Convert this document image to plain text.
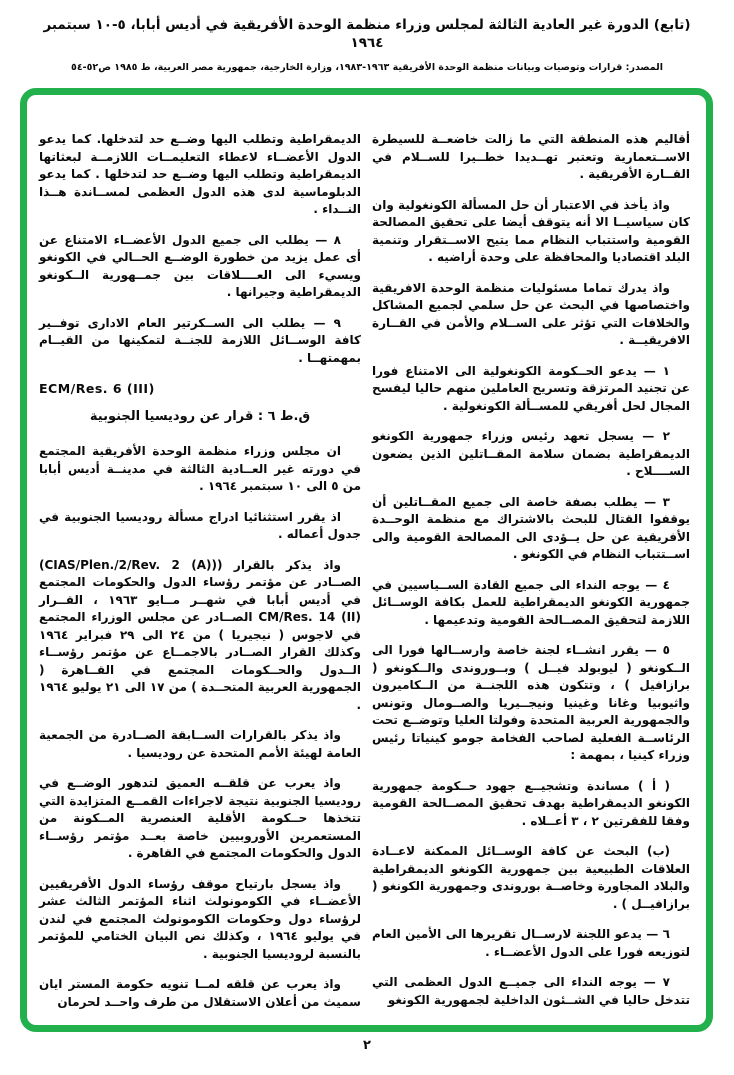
(تابع) الدورة غير العادية الثالثة لمجلس وزراء منظمة الوحدة الأفريقية في أديس أبابا، ٥-١٠ سبتمبر ١٩٦٤
المصدر: قرارات وتوصيات وبيانات منظمة الوحدة الأفريقية ١٩٦٣-١٩٨٣، وزارة الخارجية، جمهورية مصر العربية، ط ١٩٨٥ ص٥٢-٥٤

أقاليم هذه المنطقة التي ما زالت خاضعــة للسيطرة الاســتعمارية وتعتبر تهــديدا خطــيرا للســلام في القــارة الأفريقية .

واذ يأخذ في الاعتبار أن حل المسألة الكونغولية وان كان سياسيــا الا أنه يتوقف أيضا على تحقيق المصالحة القومية واستتباب النظام مما يتيح الاســتقرار وتنمية البلد اقتصاديا والمحافظة على وحدة أراضيه .

واذ يدرك تماما مسئوليات منظمة الوحدة الافريقية واختصاصها في البحث عن حل سلمي لجميع المشاكل والخلافات التي تؤثر على الســلام والأمن في القــارة الافريقيــة .

١ — يدعو الحــكومة الكونغولية الى الامتناع فورا عن تجنيد المرتزقة وتسريح العاملين منهم حاليا ليفسح المجال لحل أفريقي للمســألة الكونغولية .

٢ — يسجل تعهد رئيس وزراء جمهورية الكونغو الديمقراطية بضمان سلامة المقــاتلين الذين يضعون الســــلاح .

٣ — يطلب بصفة خاصة الى جميع المقــاتلين أن يوقفوا القتال للبحث بالاشتراك مع منظمة الوحــدة الأفريقية عن حل يــؤدى الى المصالحة القومية والى اســتتباب النظام في الكونغو .

٤ — يوجه النداء الى جميع القادة الســياسيين في جمهورية الكونغو الديمقراطية للعمل بكافة الوســائل اللازمة لتحقيق المصــالحة القومية وتدعيمها .

٥ — يقرر انشــاء لجنة خاصة وارســالها فورا الى الــكونغو ( ليوبولد فيــل ) وبــوروندى والــكونغو ( برازافيل ) ، وتتكون هذه اللجنــة من الــكاميرون واثيوبيا وغانا وغينيا ونيجــيريا والصــومال وتونس والجمهورية العربية المتحدة وفولتا العليا وتوضــع تحت الرئاســة الفعلية لصاحب الفخامة جومو كينياتا رئيس وزراء كينيا ، بمهمة :

( أ ) مساندة وتشجيــع جهود حــكومة جمهورية الكونغو الديمقراطية بهدف تحقيق المصــالحة القومية وفقا للفقرتين ٢ ، ٣ أعــلاه .

(ب) البحث عن كافة الوســائل الممكنة لاعــادة العلاقات الطبيعية بين جمهورية الكونغو الديمقراطية والبلاد المجاورة وخاصــة بوروندى وجمهورية الكونغو ( برازافيــل ) .

٦ — يدعو اللجنة لارســال تقريرها الى الأمين العام لتوزيعه فورا على الدول الأعضــاء .

٧ — يوجه النداء الى جميــع الدول العظمى التي تتدخل حاليا في الشــئون الداخلية لجمهورية الكونغو

الديمقراطية وتطلب اليها وضــع حد لتدخلها. كما يدعو الدول الأعضــاء لاعطاء التعليمــات اللازمــة لبعثاتها الديمقراطية وتطلب اليها وضــع حد لتدخلها . كما يدعو الدبلوماسية لدى هذه الدول العظمى لمســاندة هــذا النــداء .

٨ — يطلب الى جميع الدول الأعضــاء الامتناع عن أى عمل يزيد من خطورة الوضــع الحــالي في الكونغو ويسيء الى العــــلاقات بين جمــهورية الــكونغو الديمقراطية وجيرانها .

٩ — يطلب الى الســكرتير العام الادارى توفــير كافة الوســائل اللازمة للجنــة لتمكينها من القيــام بمهمتهــا .

ECM/Res. 6 (III)

ق.ط ٦ : قرار عن روديسيا الجنوبية

ان مجلس وزراء منظمة الوحدة الأفريقية المجتمع في دورته غير العــادية الثالثة في مدينــة أديس أبابا من ٥ الى ١٠ سبتمبر ١٩٦٤ .

اذ يقرر استثنائيا ادراج مسألة روديسيا الجنوبية في جدول أعماله .

واذ يذكر بالقرار ((CIAS/Plen./2/Rev. 2 (A)) الصــادر عن مؤتمر رؤساء الدول والحكومات المجتمع في أديس أبابا في شهــر مــايو ١٩٦٣ ، القــرار CM/Res. 14 (II) الصــادر عن مجلس الوزراء المجتمع في لاجوس ( نيجيريا ) من ٢٤ الى ٢٩ فبراير ١٩٦٤ وكذلك القرار الصــادر بالاجمــاع عن مؤتمر رؤســاء الــدول والحــكومات المجتمع في القــاهرة ( الجمهورية العربية المتحــدة ) من ١٧ الى ٢١ يوليو ١٩٦٤ .

واذ يذكر بالقرارات الســابقة الصــادرة من الجمعية العامة لهيئة الأمم المتحدة عن روديسيا .

واذ يعرب عن قلقــه العميق لتدهور الوضــع في روديسيا الجنوبية نتيجة لاجراءات القمــع المتزايدة التي تتخذها حــكومة الأقلية العنصرية المــكونة من المستعمرين الأوروبيين خاصة بعــد مؤتمر رؤســاء الدول والحكومات المجتمع في القاهرة .

واذ يسجل بارتياح موقف رؤساء الدول الأفريقيين الأعضــاء في الكومونولث اثناء المؤتمر الثالث عشر لرؤساء دول وحكومات الكومونولث المجتمع في لندن في يوليو ١٩٦٤ ، وكذلك نص البيان الختامي للمؤتمر بالنسبة لروديسيا الجنوبية .

واذ يعرب عن قلقه لمــا تنويه حكومة المستر ايان سميث من أعلان الاستقلال من طرف واحــد لحرمان

٢
